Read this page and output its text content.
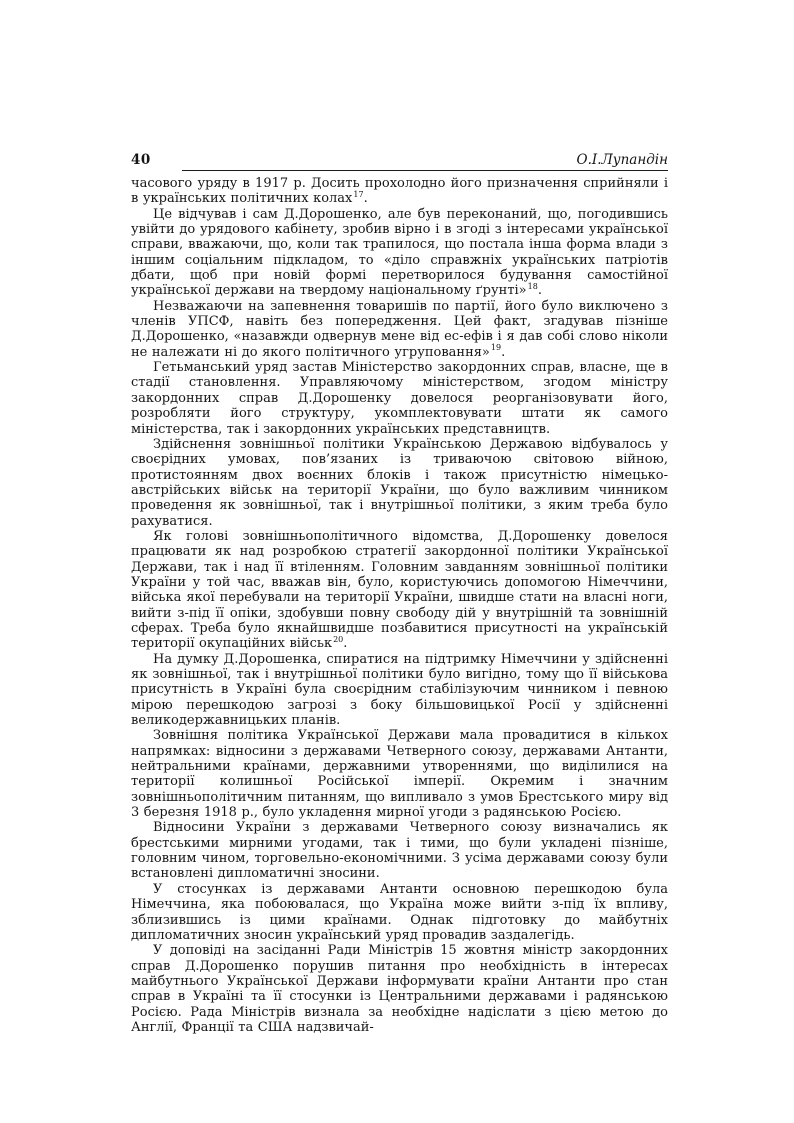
40	О.І.Лупандін

часового уряду в 1917 р. Досить прохолодно його призначення сприйняли і в українських політичних колах$^{17}$.

Це відчував і сам Д.Дорошенко, але був переконаний, що, погодившись увійти до урядового кабінету, зробив вірно і в згоді з інтересами української справи, вважаючи, що, коли так трапилося, що постала інша форма влади з іншим соціальним підкладом, то «діло справжніх українських патріотів дбати, щоб при новій формі перетворилося будування самостійної української держави на твердому національному ґрунті»$^{18}$.

Незважаючи на запевнення товаришів по партії, його було виключено з членів УПСФ, навіть без попередження. Цей факт, згадував пізніше Д.Дорошенко, «назавжди одвернув мене від ес-ефів і я дав собі слово ніколи не належати ні до якого політичного угруповання»$^{19}$.

Гетьманський уряд застав Міністерство закордонних справ, власне, ще в стадії становлення. Управляючому міністерством, згодом міністру закордонних справ Д.Дорошенку довелося реорганізовувати його, розробляти його структуру, укомплектовувати штати як самого міністерства, так і закордонних українських представництв.

Здійснення зовнішньої політики Українською Державою відбувалось у своєрідних умовах, пов’язаних із триваючою світовою війною, протистоянням двох воєнних блоків і також присутністю німецько-австрійських військ на території України, що було важливим чинником проведення як зовнішньої, так і внутрішньої політики, з яким треба було рахуватися.

Як голові зовнішньополітичного відомства, Д.Дорошенку довелося працювати як над розробкою стратегії закордонної політики Української Держави, так і над її втіленням. Головним завданням зовнішньої політики України у той час, вважав він, було, користуючись допомогою Німеччини, війська якої перебували на території України, швидше стати на власні ноги, вийти з-під її опіки, здобувши повну свободу дій у внутрішній та зовнішній сферах. Треба було якнайшвидше позбавитися присутності на українській території окупаційних військ$^{20}$.

На думку Д.Дорошенка, спиратися на підтримку Німеччини у здійсненні як зовнішньої, так і внутрішньої політики було вигідно, тому що її військова присутність в Україні була своєрідним стабілізуючим чинником і певною мірою перешкодою загрозі з боку більшовицької Росії у здійсненні великодержавницьких планів.

Зовнішня політика Української Держави мала провадитися в кількох напрямках: відносини з державами Четверного союзу, державами Антанти, нейтральними країнами, державними утвореннями, що виділилися на території колишньої Російської імперії. Окремим і значним зовнішньополітичним питанням, що випливало з умов Брестського миру від 3 березня 1918 р., було укладення мирної угоди з радянською Росією.

Відносини України з державами Четверного союзу визначались як брестськими мирними угодами, так і тими, що були укладені пізніше, головним чином, торговельно-економічними. З усіма державами союзу були встановлені дипломатичні зносини.

У стосунках із державами Антанти основною перешкодою була Німеччина, яка побоювалася, що Україна може вийти з-під їх впливу, зблизившись із цими країнами. Однак підготовку до майбутніх дипломатичних зносин український уряд провадив заздалегідь.

У доповіді на засіданні Ради Міністрів 15 жовтня міністр закордонних справ Д.Дорошенко порушив питання про необхідність в інтересах майбутнього Української Держави інформувати країни Антанти про стан справ в Україні та її стосунки із Центральними державами і радянською Росією. Рада Міністрів визнала за необхідне надіслати з цією метою до Англії, Франції та США надзвичай-
